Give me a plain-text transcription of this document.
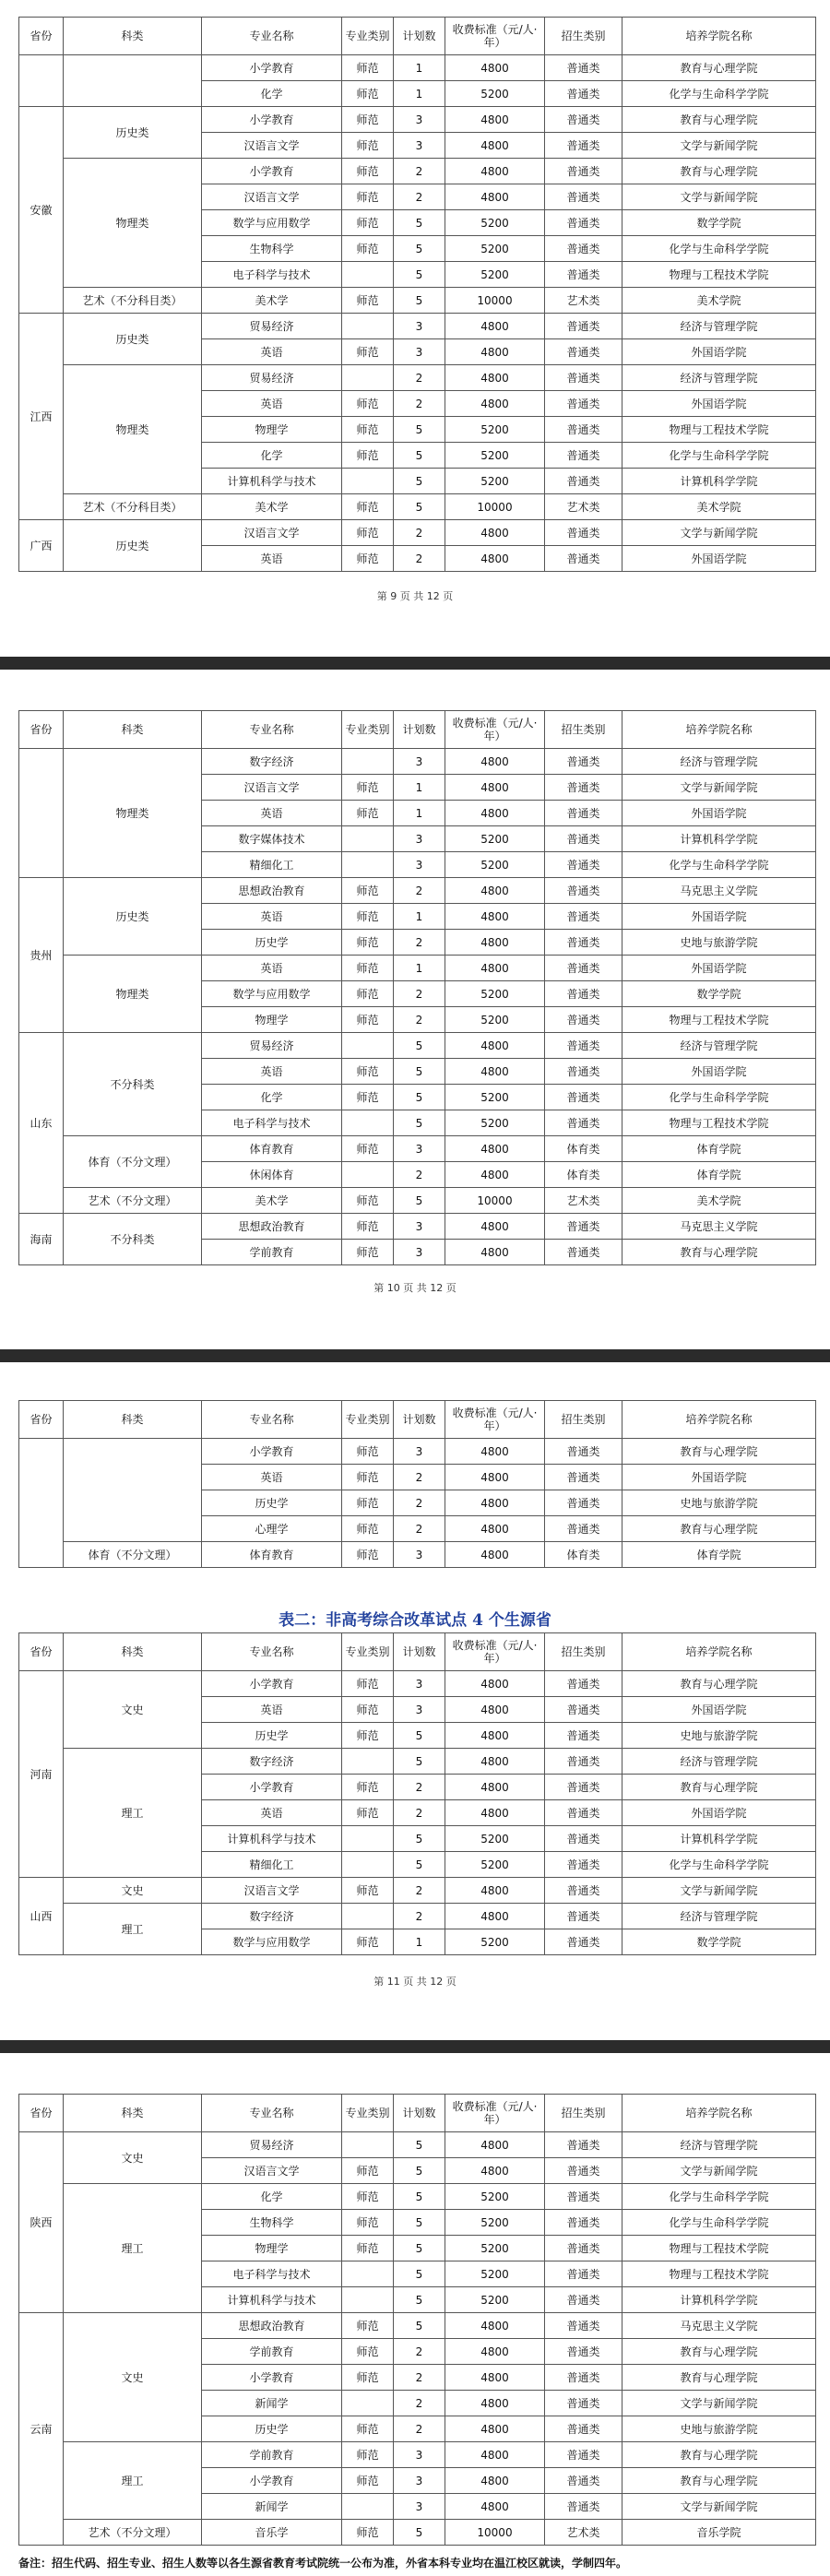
省份	科类	专业名称	专业类别	计划数	收费标准（元/人·年）	招生类别	培养学院名称
		小学教育	师范	1	4800	普通类	教育与心理学院
		化学	师范	1	5200	普通类	化学与生命科学学院
安徽	历史类	小学教育	师范	3	4800	普通类	教育与心理学院
		汉语言文学	师范	3	4800	普通类	文学与新闻学院
	物理类	小学教育	师范	2	4800	普通类	教育与心理学院
		汉语言文学	师范	2	4800	普通类	文学与新闻学院
		数学与应用数学	师范	5	5200	普通类	数学学院
		生物科学	师范	5	5200	普通类	化学与生命科学学院
		电子科学与技术		5	5200	普通类	物理与工程技术学院
	艺术（不分科目类）	美术学	师范	5	10000	艺术类	美术学院
江西	历史类	贸易经济		3	4800	普通类	经济与管理学院
		英语	师范	3	4800	普通类	外国语学院
	物理类	贸易经济		2	4800	普通类	经济与管理学院
		英语	师范	2	4800	普通类	外国语学院
		物理学	师范	5	5200	普通类	物理与工程技术学院
		化学	师范	5	5200	普通类	化学与生命科学学院
		计算机科学与技术		5	5200	普通类	计算机科学学院
	艺术（不分科目类）	美术学	师范	5	10000	艺术类	美术学院
广西	历史类	汉语言文学	师范	2	4800	普通类	文学与新闻学院
		英语	师范	2	4800	普通类	外国语学院
第 9 页 共 12 页
省份	科类	专业名称	专业类别	计划数	收费标准（元/人·年）	招生类别	培养学院名称
	物理类	数字经济		3	4800	普通类	经济与管理学院
		汉语言文学	师范	1	4800	普通类	文学与新闻学院
		英语	师范	1	4800	普通类	外国语学院
		数字媒体技术		3	5200	普通类	计算机科学学院
		精细化工		3	5200	普通类	化学与生命科学学院
贵州	历史类	思想政治教育	师范	2	4800	普通类	马克思主义学院
		英语	师范	1	4800	普通类	外国语学院
		历史学	师范	2	4800	普通类	史地与旅游学院
	物理类	英语	师范	1	4800	普通类	外国语学院
		数学与应用数学	师范	2	5200	普通类	数学学院
		物理学	师范	2	5200	普通类	物理与工程技术学院
山东	不分科类	贸易经济		5	4800	普通类	经济与管理学院
		英语	师范	5	4800	普通类	外国语学院
		化学	师范	5	5200	普通类	化学与生命科学学院
		电子科学与技术		5	5200	普通类	物理与工程技术学院
	体育（不分文理）	体育教育	师范	3	4800	体育类	体育学院
		休闲体育		2	4800	体育类	体育学院
	艺术（不分文理）	美术学	师范	5	10000	艺术类	美术学院
海南	不分科类	思想政治教育	师范	3	4800	普通类	马克思主义学院
		学前教育	师范	3	4800	普通类	教育与心理学院
第 10 页 共 12 页
省份	科类	专业名称	专业类别	计划数	收费标准（元/人·年）	招生类别	培养学院名称
		小学教育	师范	3	4800	普通类	教育与心理学院
		英语	师范	2	4800	普通类	外国语学院
		历史学	师范	2	4800	普通类	史地与旅游学院
		心理学	师范	2	4800	普通类	教育与心理学院
	体育（不分文理）	体育教育	师范	3	4800	体育类	体育学院
表二：非高考综合改革试点 4 个生源省
省份	科类	专业名称	专业类别	计划数	收费标准（元/人·年）	招生类别	培养学院名称
河南	文史	小学教育	师范	3	4800	普通类	教育与心理学院
		英语	师范	3	4800	普通类	外国语学院
		历史学	师范	5	4800	普通类	史地与旅游学院
	理工	数字经济		5	4800	普通类	经济与管理学院
		小学教育	师范	2	4800	普通类	教育与心理学院
		英语	师范	2	4800	普通类	外国语学院
		计算机科学与技术		5	5200	普通类	计算机科学学院
		精细化工		5	5200	普通类	化学与生命科学学院
山西	文史	汉语言文学	师范	2	4800	普通类	文学与新闻学院
	理工	数字经济		2	4800	普通类	经济与管理学院
		数学与应用数学	师范	1	5200	普通类	数学学院
第 11 页 共 12 页
省份	科类	专业名称	专业类别	计划数	收费标准（元/人·年）	招生类别	培养学院名称
陕西	文史	贸易经济		5	4800	普通类	经济与管理学院
		汉语言文学	师范	5	4800	普通类	文学与新闻学院
	理工	化学	师范	5	5200	普通类	化学与生命科学学院
		生物科学	师范	5	5200	普通类	化学与生命科学学院
		物理学	师范	5	5200	普通类	物理与工程技术学院
		电子科学与技术		5	5200	普通类	物理与工程技术学院
		计算机科学与技术		5	5200	普通类	计算机科学学院
云南	文史	思想政治教育	师范	5	4800	普通类	马克思主义学院
		学前教育	师范	2	4800	普通类	教育与心理学院
		小学教育	师范	2	4800	普通类	教育与心理学院
		新闻学		2	4800	普通类	文学与新闻学院
		历史学	师范	2	4800	普通类	史地与旅游学院
	理工	学前教育	师范	3	4800	普通类	教育与心理学院
		小学教育	师范	3	4800	普通类	教育与心理学院
		新闻学		3	4800	普通类	文学与新闻学院
	艺术（不分文理）	音乐学	师范	5	10000	艺术类	音乐学院
备注：招生代码、招生专业、招生人数等以各生源省教育考试院统一公布为准，外省本科专业均在温江校区就读，学制四年。
